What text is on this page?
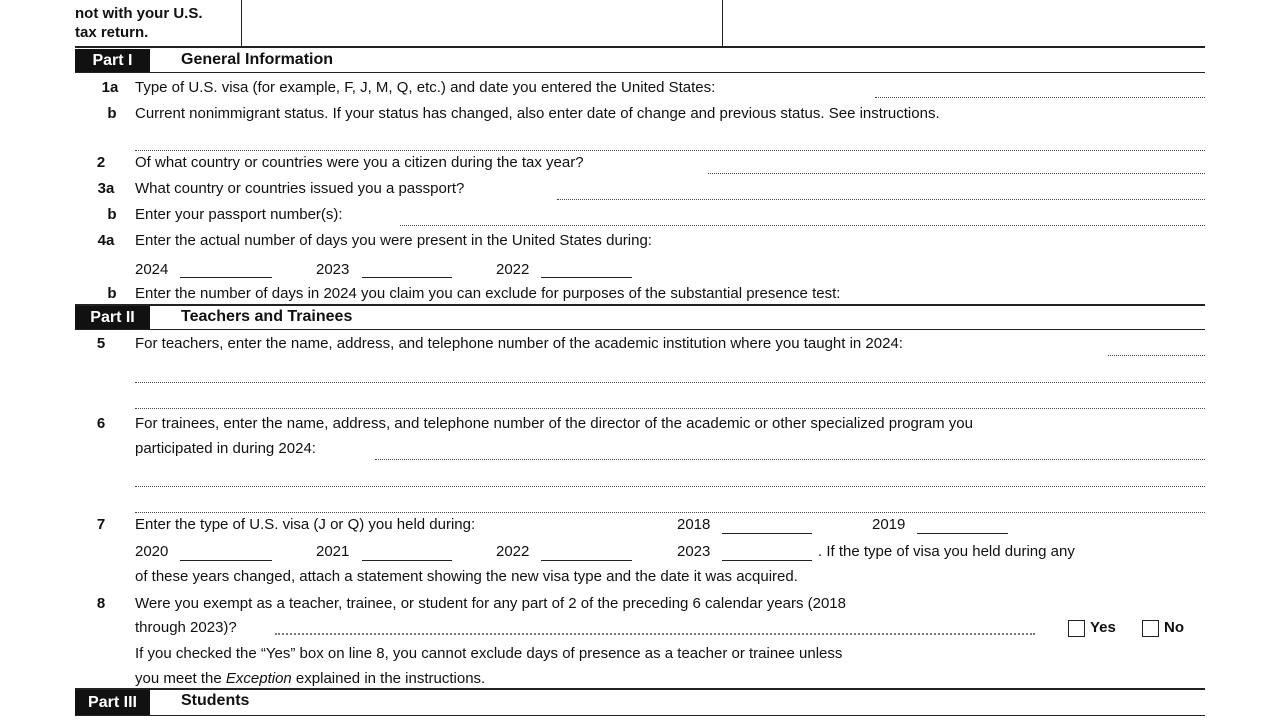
not with your U.S.
tax return.
Part I	General Information
1a	Type of U.S. visa (for example, F, J, M, Q, etc.) and date you entered the United States:
b	Current nonimmigrant status. If your status has changed, also enter date of change and previous status. See instructions.
2	Of what country or countries were you a citizen during the tax year?
3a	What country or countries issued you a passport?
b	Enter your passport number(s):
4a	Enter the actual number of days you were present in the United States during:
2024	2023	2022
b	Enter the number of days in 2024 you claim you can exclude for purposes of the substantial presence test:
Part II	Teachers and Trainees
5	For teachers, enter the name, address, and telephone number of the academic institution where you taught in 2024:
6	For trainees, enter the name, address, and telephone number of the director of the academic or other specialized program you
participated in during 2024:
7	Enter the type of U.S. visa (J or Q) you held during:	2018	2019
2020	2021	2022	2023	. If the type of visa you held during any
of these years changed, attach a statement showing the new visa type and the date it was acquired.
8	Were you exempt as a teacher, trainee, or student for any part of 2 of the preceding 6 calendar years (2018
through 2023)?	Yes	No
If you checked the “Yes” box on line 8, you cannot exclude days of presence as a teacher or trainee unless
you meet the Exception explained in the instructions.
Part III	Students
